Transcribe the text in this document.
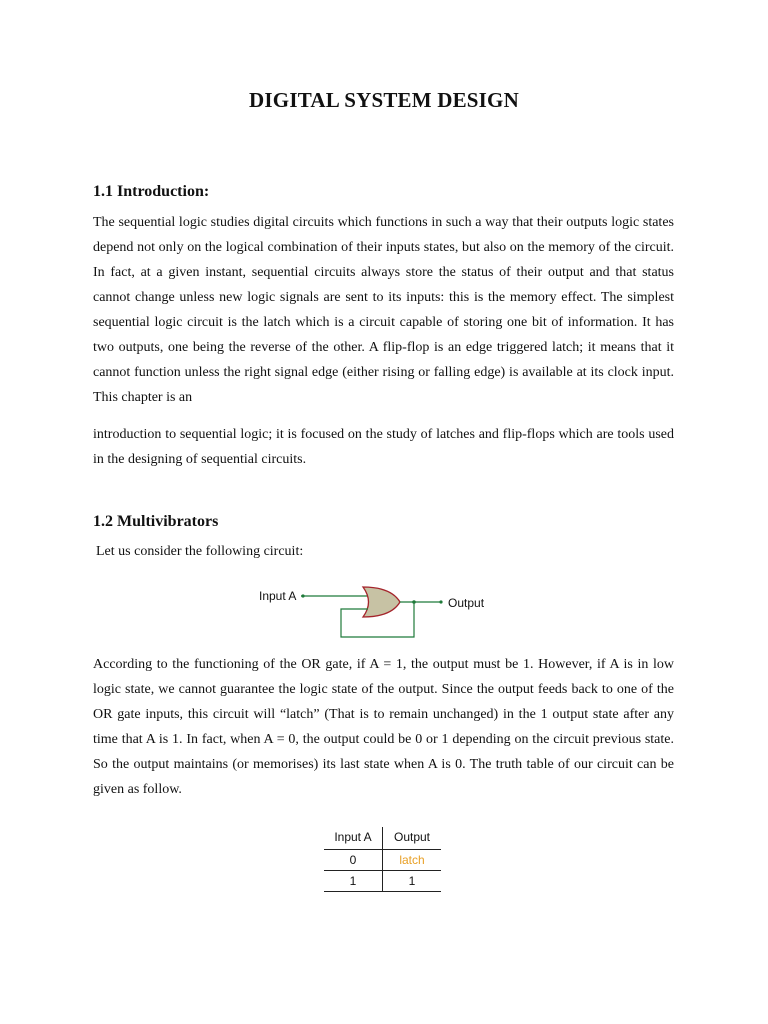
DIGITAL SYSTEM DESIGN
1.1 Introduction:

The sequential logic studies digital circuits which functions in such a way that their outputs logic states depend not only on the logical combination of their inputs states, but also on the memory of the circuit. In fact, at a given instant, sequential circuits always store the status of their output and that status cannot change unless new logic signals are sent to its inputs: this is the memory effect. The simplest sequential logic circuit is the latch which is a circuit capable of storing one bit of information. It has two outputs, one being the reverse of the other. A flip-flop is an edge triggered latch; it means that it cannot function unless the right signal edge (either rising or falling edge) is available at its clock input. This chapter is an

introduction to sequential logic; it is focused on the study of latches and flip-flops which are tools used in the designing of sequential circuits.

1.2 Multivibrators
Let us consider the following circuit:
Input A	Output

According to the functioning of the OR gate, if A = 1, the output must be 1. However, if A is in low logic state, we cannot guarantee the logic state of the output. Since the output feeds back to one of the OR gate inputs, this circuit will “latch” (That is to remain unchanged) in the 1 output state after any time that A is 1. In fact, when A = 0, the output could be 0 or 1 depending on the circuit previous state. So the output maintains (or memorises) its last state when A is 0. The truth table of our circuit can be given as follow.

Input A	Output
0	latch
1	1
